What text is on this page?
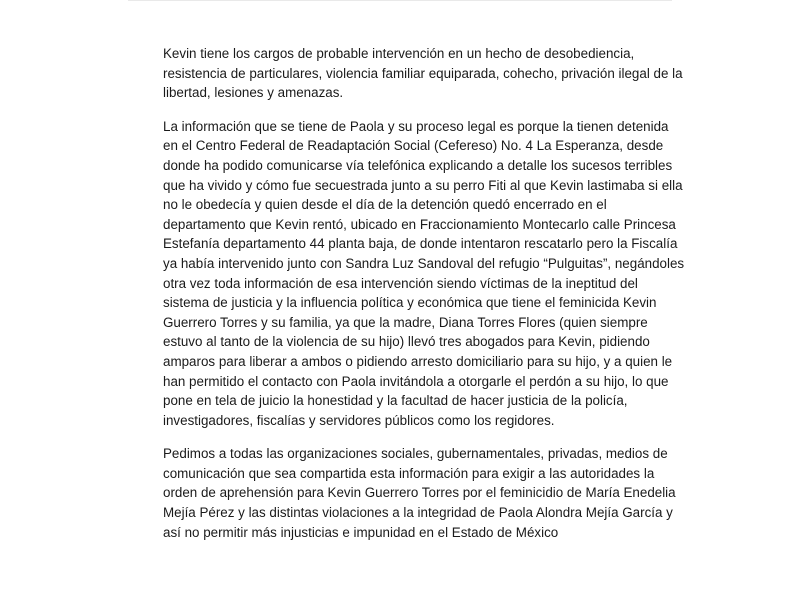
Kevin tiene los cargos de probable intervención en un hecho de desobediencia,
resistencia de particulares, violencia familiar equiparada, cohecho, privación ilegal de la
libertad, lesiones y amenazas.

La información que se tiene de Paola y su proceso legal es porque la tienen detenida
en el Centro Federal de Readaptación Social (Cefereso) No. 4 La Esperanza, desde
donde ha podido comunicarse vía telefónica explicando a detalle los sucesos terribles
que ha vivido y cómo fue secuestrada junto a su perro Fiti al que Kevin lastimaba si ella
no le obedecía y quien desde el día de la detención quedó encerrado en el
departamento que Kevin rentó, ubicado en Fraccionamiento Montecarlo calle Princesa
Estefanía departamento 44 planta baja, de donde intentaron rescatarlo pero la Fiscalía
ya había intervenido junto con Sandra Luz Sandoval del refugio “Pulguitas”, negándoles
otra vez toda información de esa intervención siendo víctimas de la ineptitud del
sistema de justicia y la influencia política y económica que tiene el feminicida Kevin
Guerrero Torres y su familia, ya que la madre, Diana Torres Flores (quien siempre
estuvo al tanto de la violencia de su hijo) llevó tres abogados para Kevin, pidiendo
amparos para liberar a ambos o pidiendo arresto domiciliario para su hijo, y a quien le
han permitido el contacto con Paola invitándola a otorgarle el perdón a su hijo, lo que
pone en tela de juicio la honestidad y la facultad de hacer justicia de la policía,
investigadores, fiscalías y servidores públicos como los regidores.

Pedimos a todas las organizaciones sociales, gubernamentales, privadas, medios de
comunicación que sea compartida esta información para exigir a las autoridades la
orden de aprehensión para Kevin Guerrero Torres por el feminicidio de María Enedelia
Mejía Pérez y las distintas violaciones a la integridad de Paola Alondra Mejía García y
así no permitir más injusticias e impunidad en el Estado de México
